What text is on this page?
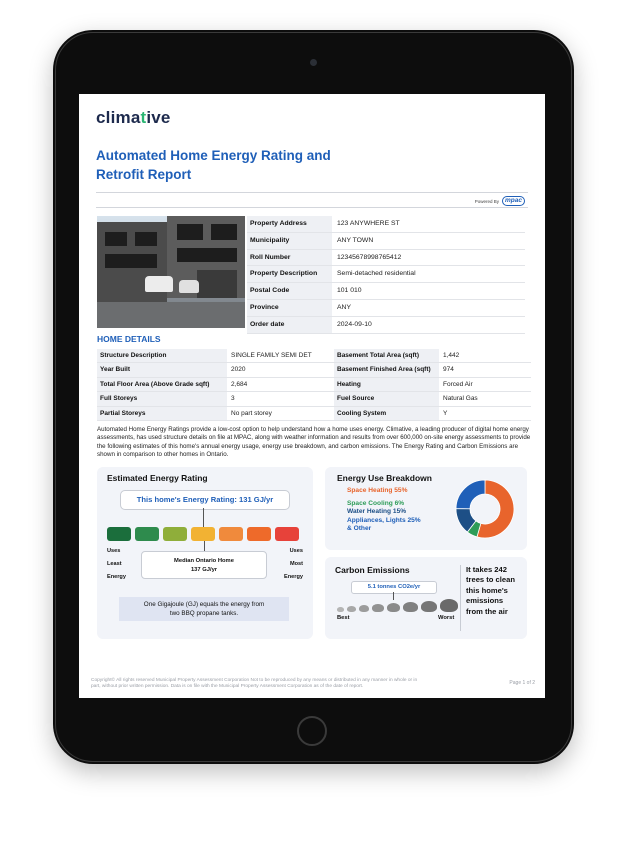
climative
Automated Home Energy Rating and
Retrofit Report
Powered By mpac
Property Address	123 ANYWHERE ST
Municipality	ANY TOWN
Roll Number	12345678998765412
Property Description	Semi-detached residential
Postal Code	101 010
Province	ANY
Order date	2024-09-10
HOME DETAILS
Structure Description	SINGLE FAMILY SEMI DET	Basement Total Area (sqft)	1,442
Year Built	2020	Basement Finished Area (sqft)	974
Total Floor Area (Above Grade sqft)	2,684	Heating	Forced Air
Full Storeys	3	Fuel Source	Natural Gas
Partial Storeys	No part storey	Cooling System	Y
Automated Home Energy Ratings provide a low-cost option to help understand how a home uses energy. Climative, a leading producer of digital home energy assessments, has used structure details on file at MPAC, along with weather information and results from over 600,000 on-site energy assessments to provide the following estimates of this home's annual energy usage, energy use breakdown, and carbon emissions. The Energy Rating and Carbon Emissions are shown in comparison to other homes in Ontario.
Estimated Energy Rating
This home's Energy Rating: 131 GJ/yr
Uses
Least
Energy
Uses
Most
Energy
Median Ontario Home
137 GJ/yr
One Gigajoule (GJ) equals the energy from
two BBQ propane tanks.
Energy Use Breakdown
Space Heating 55%
Space Cooling 6%
Water Heating 15%
Appliances, Lights 25%
& Other
Carbon Emissions
5.1 tonnes CO2e/yr
Best	Worst
It takes 242
trees to clean
this home's
emissions
from the air
Copyright© All rights reserved Municipal Property Assessment Corporation Not to be reproduced by any means or distributed in any manner in whole or in
part, without prior written permission. Data is on file with the Municipal Property Assessment Corporation as of the date of report.
Page 1 of 2
